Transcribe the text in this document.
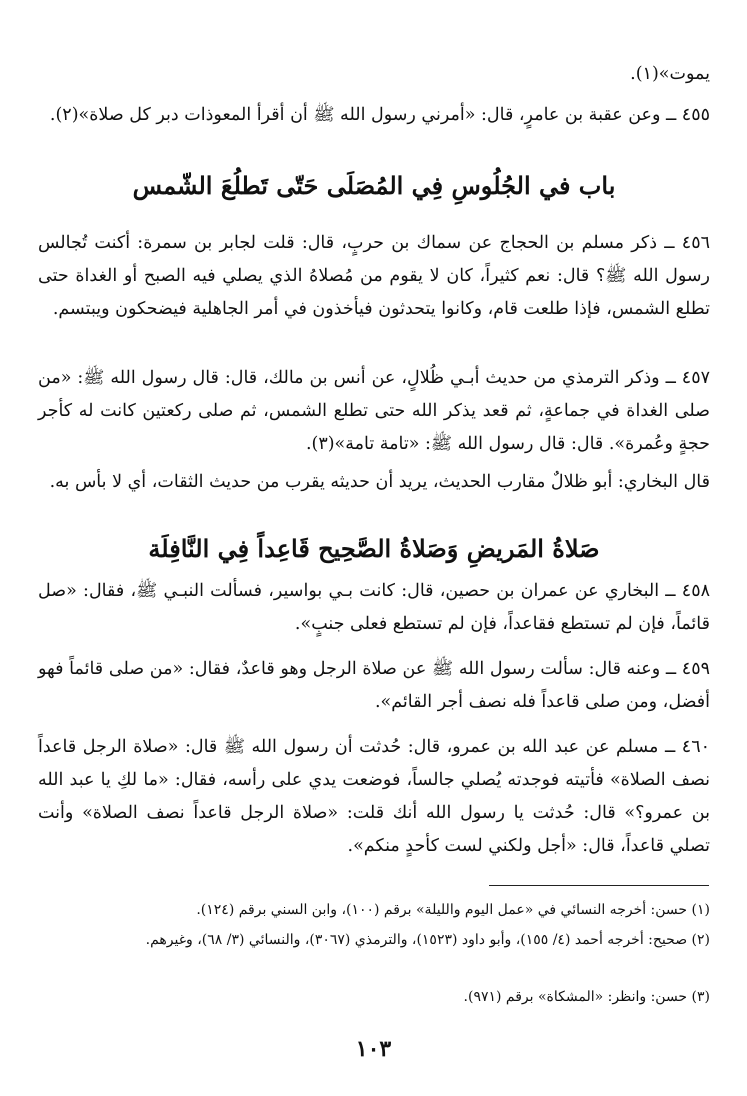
يموت»(١).

٤٥٥ ــ وعن عقبة بن عامرٍ، قال: «أمرني رسول الله ﷺ أن أقرأ المعوذات دبر كل صلاة»(٢).

باب في الجُلُوسِ فِي المُصَلَى حَتّى تَطلُعَ الشّمس

٤٥٦ ــ ذكر مسلم بن الحجاج عن سماك بن حربٍ، قال: قلت لجابر بن سمرة: أكنت تُجالس رسول الله ﷺ؟ قال: نعم كثيراً، كان لا يقوم من مُصلاهُ الذي يصلي فيه الصبح أو الغداة حتى تطلع الشمس، فإذا طلعت قام، وكانوا يتحدثون فيأخذون في أمر الجاهلية فيضحكون ويبتسم.

٤٥٧ ــ وذكر الترمذي من حديث أبـي ظُلالٍ، عن أنس بن مالك، قال: قال رسول الله ﷺ: «من صلى الغداة في جماعةٍ، ثم قعد يذكر الله حتى تطلع الشمس، ثم صلى ركعتين كانت له كأجر حجةٍ وعُمرة». قال: قال رسول الله ﷺ: «تامة تامة»(٣).

قال البخاري: أبو ظلالٌ مقارب الحديث، يريد أن حديثه يقرب من حديث الثقات، أي لا بأس به.

صَلاةُ المَريضِ وَصَلاةُ الصَّحِيح قَاعِداً فِي النَّافِلَة

٤٥٨ ــ البخاري عن عمران بن حصين، قال: كانت بـي بواسير، فسألت النبـي ﷺ، فقال: «صل قائماً، فإن لم تستطع فقاعداً، فإن لم تستطع فعلى جنبٍ».

٤٥٩ ــ وعنه قال: سألت رسول الله ﷺ عن صلاة الرجل وهو قاعدٌ، فقال: «من صلى قائماً فهو أفضل، ومن صلى قاعداً فله نصف أجر القائم».

٤٦٠ ــ مسلم عن عبد الله بن عمرو، قال: حُدثت أن رسول الله ﷺ قال: «صلاة الرجل قاعداً نصف الصلاة» فأتيته فوجدته يُصلي جالساً، فوضعت يدي على رأسه، فقال: «ما لكِ يا عبد الله بن عمرو؟» قال: حُدثت يا رسول الله أنك قلت: «صلاة الرجل قاعداً نصف الصلاة» وأنت تصلي قاعداً، قال: «أجل ولكني لست كأحدٍ منكم».

(١) حسن: أخرجه النسائي في «عمل اليوم والليلة» برقم (١٠٠)، وابن السني برقم (١٢٤).

(٢) صحيح: أخرجه أحمد (٤/ ١٥٥)، وأبو داود (١٥٢٣)، والترمذي (٣٠٦٧)، والنسائي (٣/ ٦٨)، وغيرهم.

(٣) حسن: وانظر: «المشكاة» برقم (٩٧١).

١٠٣
